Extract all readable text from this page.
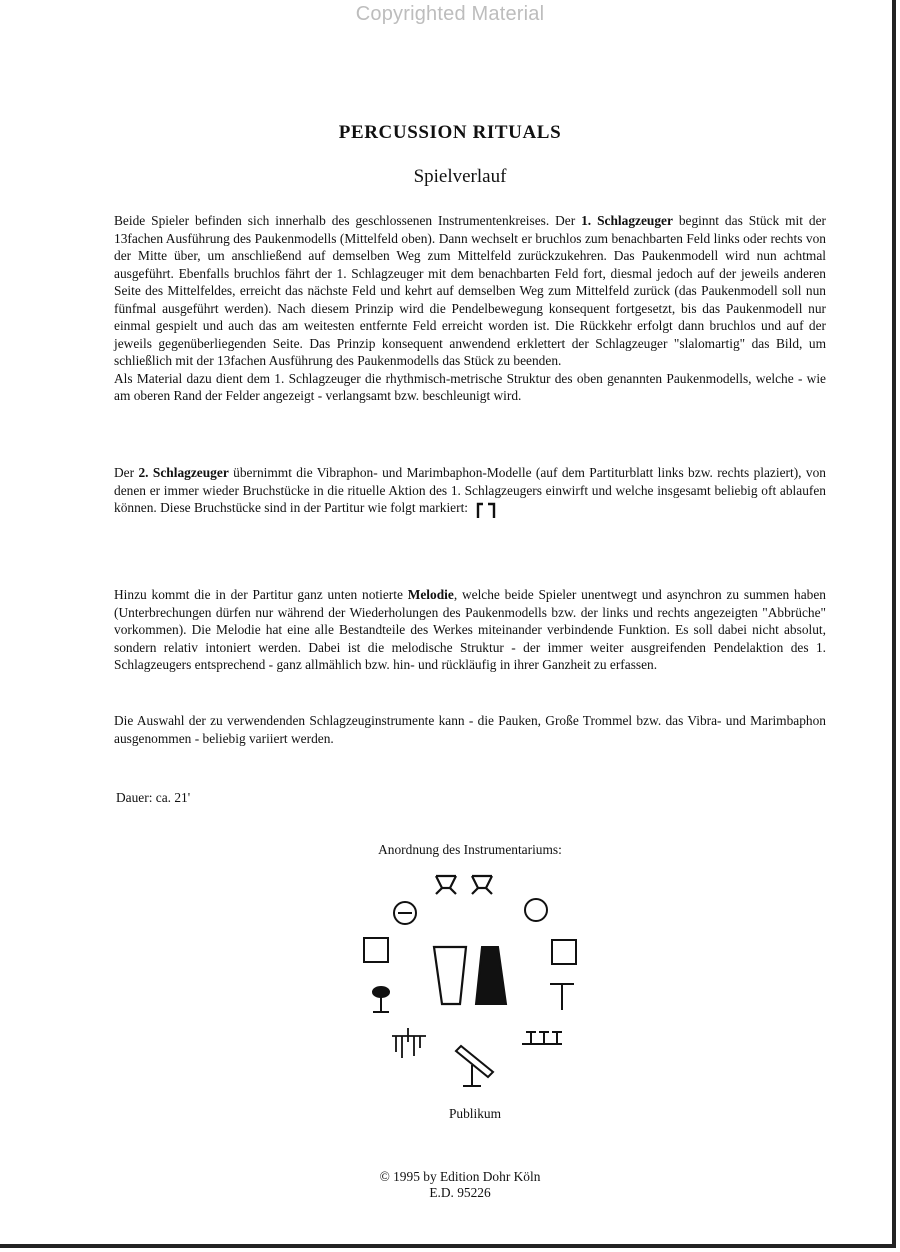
Copyrighted Material
PERCUSSION RITUALS
Spielverlauf

Beide Spieler befinden sich innerhalb des geschlossenen Instrumentenkreises. Der 1. Schlagzeuger beginnt das Stück mit der 13fachen Ausführung des Paukenmodells (Mittelfeld oben). Dann wechselt er bruchlos zum benachbarten Feld links oder rechts von der Mitte über, um anschließend auf demselben Weg zum Mittelfeld zurückzukehren. Das Paukenmodell wird nun achtmal ausgeführt. Ebenfalls bruchlos fährt der 1. Schlagzeuger mit dem benachbarten Feld fort, diesmal jedoch auf der jeweils anderen Seite des Mittelfeldes, erreicht das nächste Feld und kehrt auf demselben Weg zum Mittelfeld zurück (das Paukenmodell soll nun fünfmal ausgeführt werden). Nach diesem Prinzip wird die Pendelbewegung konsequent fortgesetzt, bis das Paukenmodell nur einmal gespielt und auch das am weitesten entfernte Feld erreicht worden ist. Die Rückkehr erfolgt dann bruchlos und auf der jeweils gegenüberliegenden Seite. Das Prinzip konsequent anwendend erklettert der Schlagzeuger "slalomartig" das Bild, um schließlich mit der 13fachen Ausführung des Paukenmodells das Stück zu beenden.
Als Material dazu dient dem 1. Schlagzeuger die rhythmisch-metrische Struktur des oben genannten Paukenmodells, welche - wie am oberen Rand der Felder angezeigt - verlangsamt bzw. beschleunigt wird.

Der 2. Schlagzeuger übernimmt die Vibraphon- und Marimbaphon-Modelle (auf dem Partiturblatt links bzw. rechts plaziert), von denen er immer wieder Bruchstücke in die rituelle Aktion des 1. Schlagzeugers einwirft und welche insgesamt beliebig oft ablaufen können. Diese Bruchstücke sind in der Partitur wie folgt markiert:

Hinzu kommt die in der Partitur ganz unten notierte Melodie, welche beide Spieler unentwegt und asynchron zu summen haben (Unterbrechungen dürfen nur während der Wiederholungen des Paukenmodells bzw. der links und rechts angezeigten "Abbrüche" vorkommen). Die Melodie hat eine alle Bestandteile des Werkes miteinander verbindende Funktion. Es soll dabei nicht absolut, sondern relativ intoniert werden. Dabei ist die melodische Struktur - der immer weiter ausgreifenden Pendelaktion des 1. Schlagzeugers entsprechend - ganz allmählich bzw. hin- und rückläufig in ihrer Ganzheit zu erfassen.

Die Auswahl der zu verwendenden Schlagzeuginstrumente kann - die Pauken, Große Trommel bzw. das Vibra- und Marimbaphon ausgenommen - beliebig variiert werden.

Dauer: ca. 21'
Anordnung des Instrumentariums:
Publikum
© 1995 by Edition Dohr Köln
E.D. 95226
